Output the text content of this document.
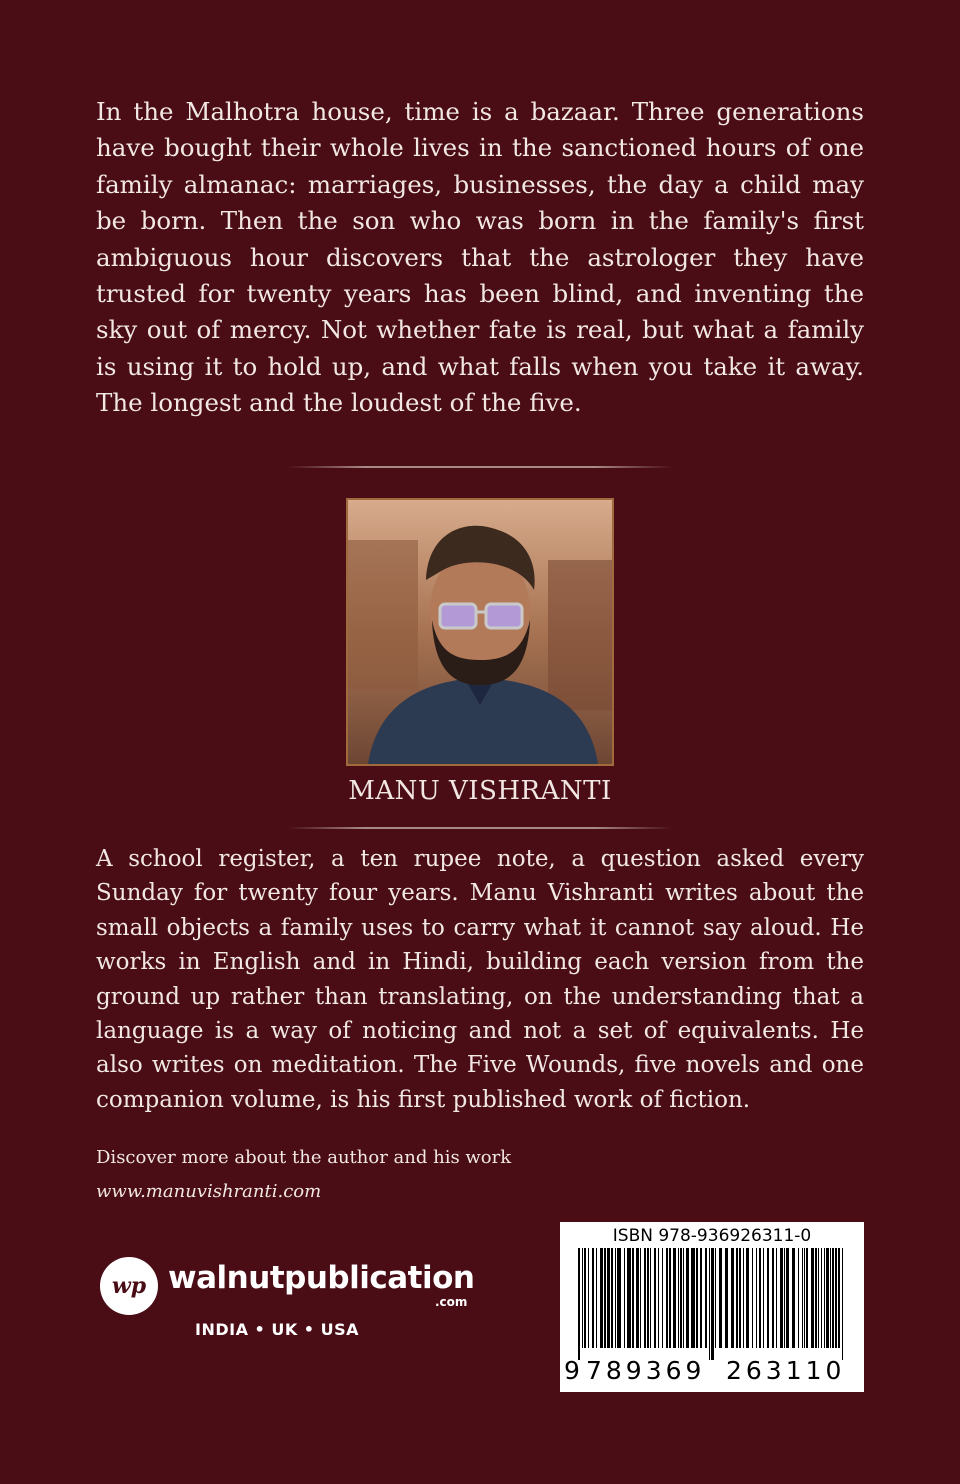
In the Malhotra house, time is a bazaar. Three generations have bought their whole lives in the sanctioned hours of one family almanac: marriages, businesses, the day a child may be born. Then the son who was born in the family's first ambiguous hour discovers that the astrologer they have trusted for twenty years has been blind, and inventing the sky out of mercy. Not whether fate is real, but what a family is using it to hold up, and what falls when you take it away. The longest and the loudest of the five.

MANU VISHRANTI

A school register, a ten rupee note, a question asked every Sunday for twenty four years. Manu Vishranti writes about the small objects a family uses to carry what it cannot say aloud. He works in English and in Hindi, building each version from the ground up rather than translating, on the understanding that a language is a way of noticing and not a set of equivalents. He also writes on meditation. The Five Wounds, five novels and one companion volume, is his first published work of fiction.

Discover more about the author and his work
www.manuvishranti.com
wp walnutpublication
.com
INDIA • UK • USA
ISBN 978-936926311-0
9 789369 263110
